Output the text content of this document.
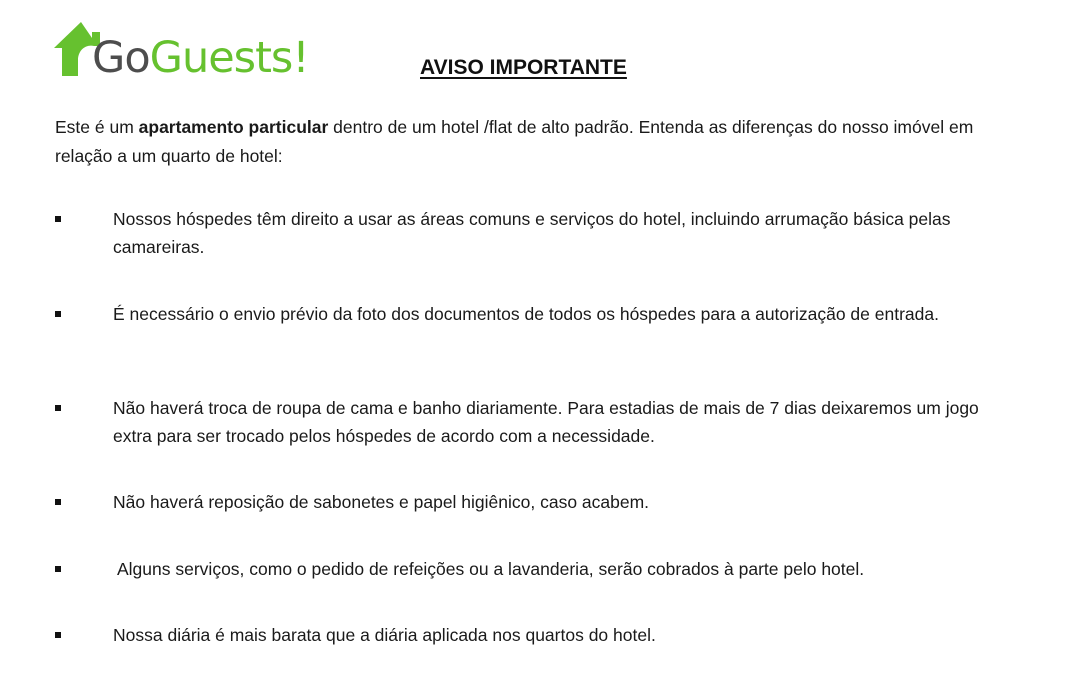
GoGuests!	AVISO IMPORTANTE

Este é um apartamento particular dentro de um hotel /flat de alto padrão. Entenda as diferenças do nosso imóvel em relação a um quarto de hotel:

Nossos hóspedes têm direito a usar as áreas comuns e serviços do hotel, incluindo arrumação básica pelas camareiras.
É necessário o envio prévio da foto dos documentos de todos os hóspedes para a autorização de entrada.
Não haverá troca de roupa de cama e banho diariamente. Para estadias de mais de 7 dias deixaremos um jogo extra para ser trocado pelos hóspedes de acordo com a necessidade.
Não haverá reposição de sabonetes e papel higiênico, caso acabem.
Alguns serviços, como o pedido de refeições ou a lavanderia, serão cobrados à parte pelo hotel.
Nossa diária é mais barata que a diária aplicada nos quartos do hotel.
